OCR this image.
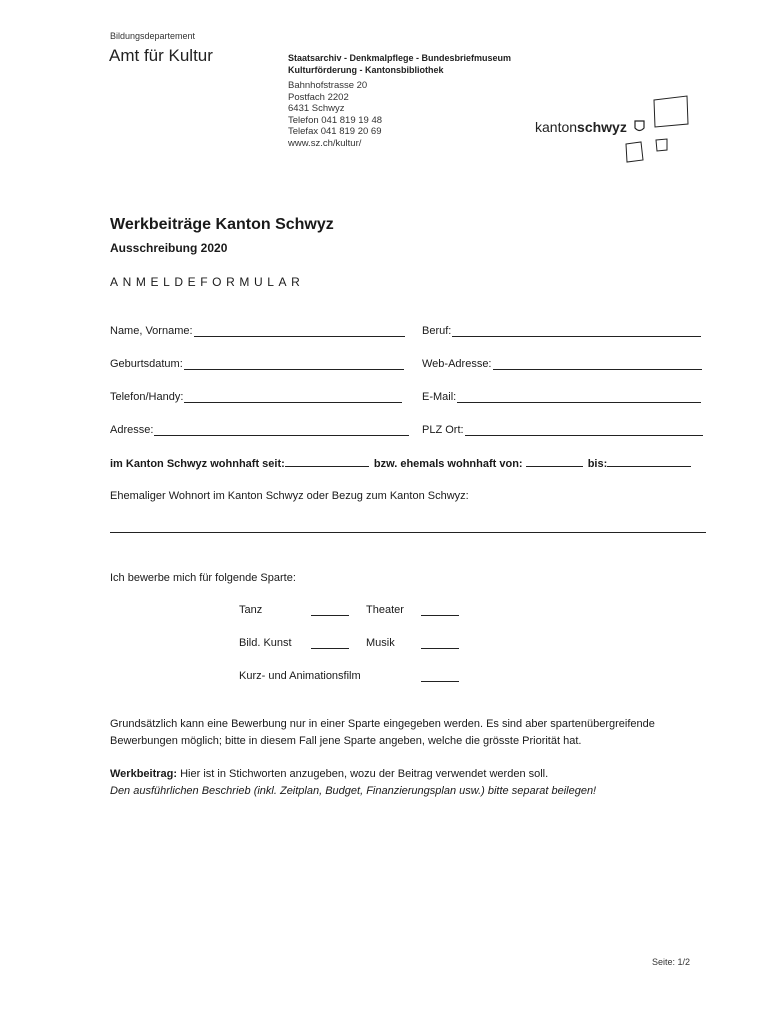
Bildungsdepartement
Amt für Kultur	Staatsarchiv - Denkmalpflege - Bundesbriefmuseum
Kulturförderung - Kantonsbibliothek
Bahnhofstrasse 20
Postfach 2202
6431 Schwyz
Telefon 041 819 19 48
Telefax 041 819 20 69
www.sz.ch/kultur/
kantonschwyz
Werkbeiträge Kanton Schwyz
Ausschreibung 2020
ANMELDEFORMULAR
Name, Vorname:	Beruf:
Geburtsdatum:	Web-Adresse:
Telefon/Handy:	E-Mail:
Adresse:	PLZ Ort:
im Kanton Schwyz wohnhaft seit:	bzw. ehemals wohnhaft von:	bis:
Ehemaliger Wohnort im Kanton Schwyz oder Bezug zum Kanton Schwyz:
Ich bewerbe mich für folgende Sparte:
Tanz	Theater
Bild. Kunst	Musik
Kurz- und Animationsfilm
Grundsätzlich kann eine Bewerbung nur in einer Sparte eingegeben werden. Es sind aber spartenübergreifende Bewerbungen möglich; bitte in diesem Fall jene Sparte angeben, welche die grösste Priorität hat.
Werkbeitrag: Hier ist in Stichworten anzugeben, wozu der Beitrag verwendet werden soll.
Den ausführlichen Beschrieb (inkl. Zeitplan, Budget, Finanzierungsplan usw.) bitte separat beilegen!
Seite: 1/2
